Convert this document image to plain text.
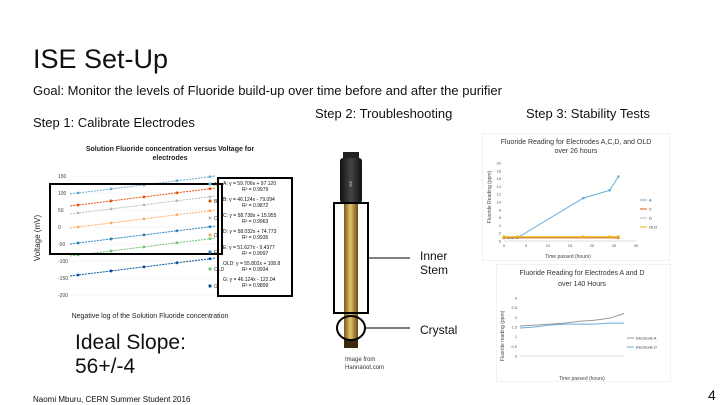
ISE Set-Up
Goal: Monitor the levels of Fluoride build-up over time before and after the purifier
Step 1: Calibrate Electrodes
Step 2: Troubleshooting	Step 3: Stability Tests
Ideal Slope:
56+/-4
Naomi Mburu, CERN Summer Student 2016	4
Solution Fluoride concentration versus Voltage for
Voltage (mV)
150
100
50
0
-50
-100
-150
-200
A
B
C
D
E
OLD
G
A: y = 59.706x + 97.120
R² = 0.9979
B: y = 46.124x - 79.094
R² = 0.9872
C: y = 58.738x + 15.955
R² = 0.9963
D: y = 58.032x + 74.773
R² = 0.9936
E: y = 51.627x - 9.4377
R² = 0.9997
OLD: y = 55.802x + 108.8
R² = 0.9934
G: y = 46.124x - 122.04
R² = 0.9899
Negative log of the Solution Fluoride concentration
electrodes
ISE
Inner
Stem
Crystal
Image from
Hannanot.com
Fluoride Reading for Electrodes A,C,D, and OLD
over 26 hours
Fluoride Reading (ppm)
0
2
4
6
8
10
12
14
16
18
20
0	5	10	15	20	25	30
A
C
D
OLD
Time passed (hours)
Fluoride Reading for Electrodes A and D
over 140 Hours
Fluoride reading (ppm) 0
0.5
1
1.5
2
2.5
3
Electrode A
Electrode D
Time passed (hours)
